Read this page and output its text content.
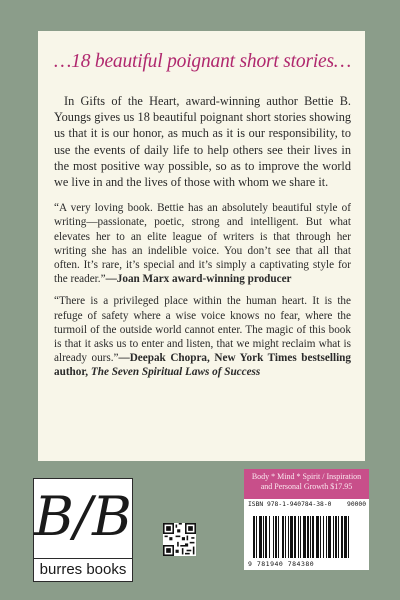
…18 beautiful poignant short stories…

In Gifts of the Heart, award-winning author Bettie B. Youngs gives us 18 beautiful poignant short stories showing us that it is our honor, as much as it is our responsibility, to use the events of daily life to help others see their lives in the most positive way possible, so as to improve the world we live in and the lives of those with whom we share it.

“A very loving book. Bettie has an absolutely beautiful style of writing—passionate, poetic, strong and intelligent. But what elevates her to an elite league of writers is that through her writing she has an indelible voice. You don’t see that all that often. It’s rare, it’s special and it’s simply a captivating style for the reader.”—Joan Marx award-winning producer

“There is a privileged place within the human heart. It is the refuge of safety where a wise voice knows no fear, where the turmoil of the outside world cannot enter. The magic of this book is that it asks us to enter and listen, that we might reclaim what is already ours.”—Deepak Chopra, New York Times bestselling author, The Seven Spiritual Laws of Success

B/B
burres books
Body * Mind * Spirit / Inspiration and Personal Growth $17.95
ISBN 978-1-940784-38-0 90000
9 781940 784380
